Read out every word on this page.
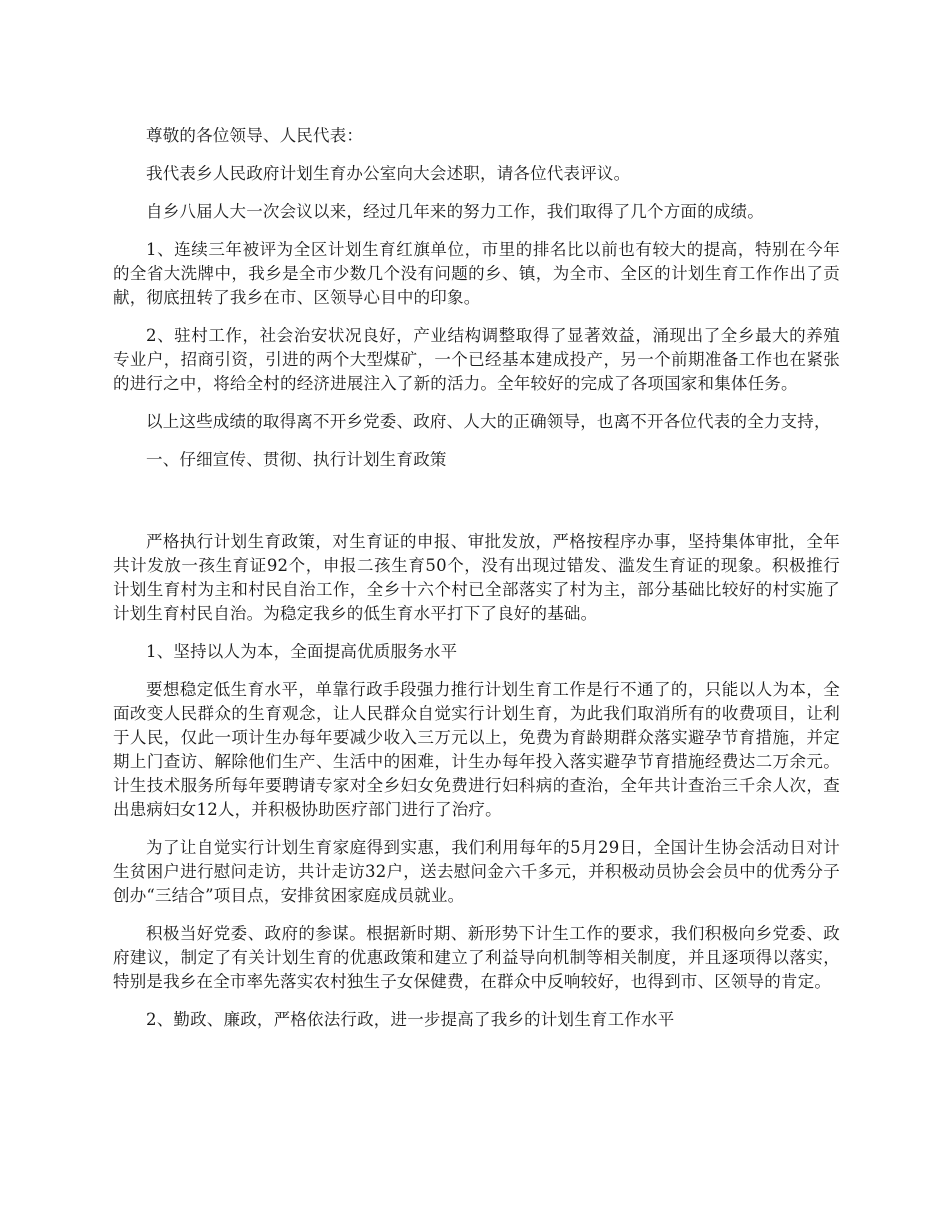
尊敬的各位领导、人民代表：

我代表乡人民政府计划生育办公室向大会述职，请各位代表评议。

自乡八届人大一次会议以来，经过几年来的努力工作，我们取得了几个方面的成绩。

1、连续三年被评为全区计划生育红旗单位，市里的排名比以前也有较大的提高，特别在今年的全省大洗牌中，我乡是全市少数几个没有问题的乡、镇，为全市、全区的计划生育工作作出了贡献，彻底扭转了我乡在市、区领导心目中的印象。

2、驻村工作，社会治安状况良好，产业结构调整取得了显著效益，涌现出了全乡最大的养殖专业户，招商引资，引进的两个大型煤矿，一个已经基本建成投产，另一个前期准备工作也在紧张的进行之中，将给全村的经济进展注入了新的活力。全年较好的完成了各项国家和集体任务。

以上这些成绩的取得离不开乡党委、政府、人大的正确领导，也离不开各位代表的全力支持，

一、仔细宣传、贯彻、执行计划生育政策

严格执行计划生育政策，对生育证的申报、审批发放，严格按程序办事，坚持集体审批，全年共计发放一孩生育证92个，申报二孩生育50个，没有出现过错发、滥发生育证的现象。积极推行计划生育村为主和村民自治工作，全乡十六个村已全部落实了村为主，部分基础比较好的村实施了计划生育村民自治。为稳定我乡的低生育水平打下了良好的基础。

1、坚持以人为本，全面提高优质服务水平

要想稳定低生育水平，单靠行政手段强力推行计划生育工作是行不通了的，只能以人为本，全面改变人民群众的生育观念，让人民群众自觉实行计划生育，为此我们取消所有的收费项目，让利于人民，仅此一项计生办每年要减少收入三万元以上，免费为育龄期群众落实避孕节育措施，并定期上门查访、解除他们生产、生活中的困难，计生办每年投入落实避孕节育措施经费达二万余元。计生技术服务所每年要聘请专家对全乡妇女免费进行妇科病的查治，全年共计查治三千余人次，查出患病妇女12人，并积极协助医疗部门进行了治疗。

为了让自觉实行计划生育家庭得到实惠，我们利用每年的5月29日，全国计生协会活动日对计生贫困户进行慰问走访，共计走访32户，送去慰问金六千多元，并积极动员协会会员中的优秀分子创办“三结合”项目点，安排贫困家庭成员就业。

积极当好党委、政府的参谋。根据新时期、新形势下计生工作的要求，我们积极向乡党委、政府建议，制定了有关计划生育的优惠政策和建立了利益导向机制等相关制度，并且逐项得以落实，特别是我乡在全市率先落实农村独生子女保健费，在群众中反响较好，也得到市、区领导的肯定。

2、勤政、廉政，严格依法行政，进一步提高了我乡的计划生育工作水平
